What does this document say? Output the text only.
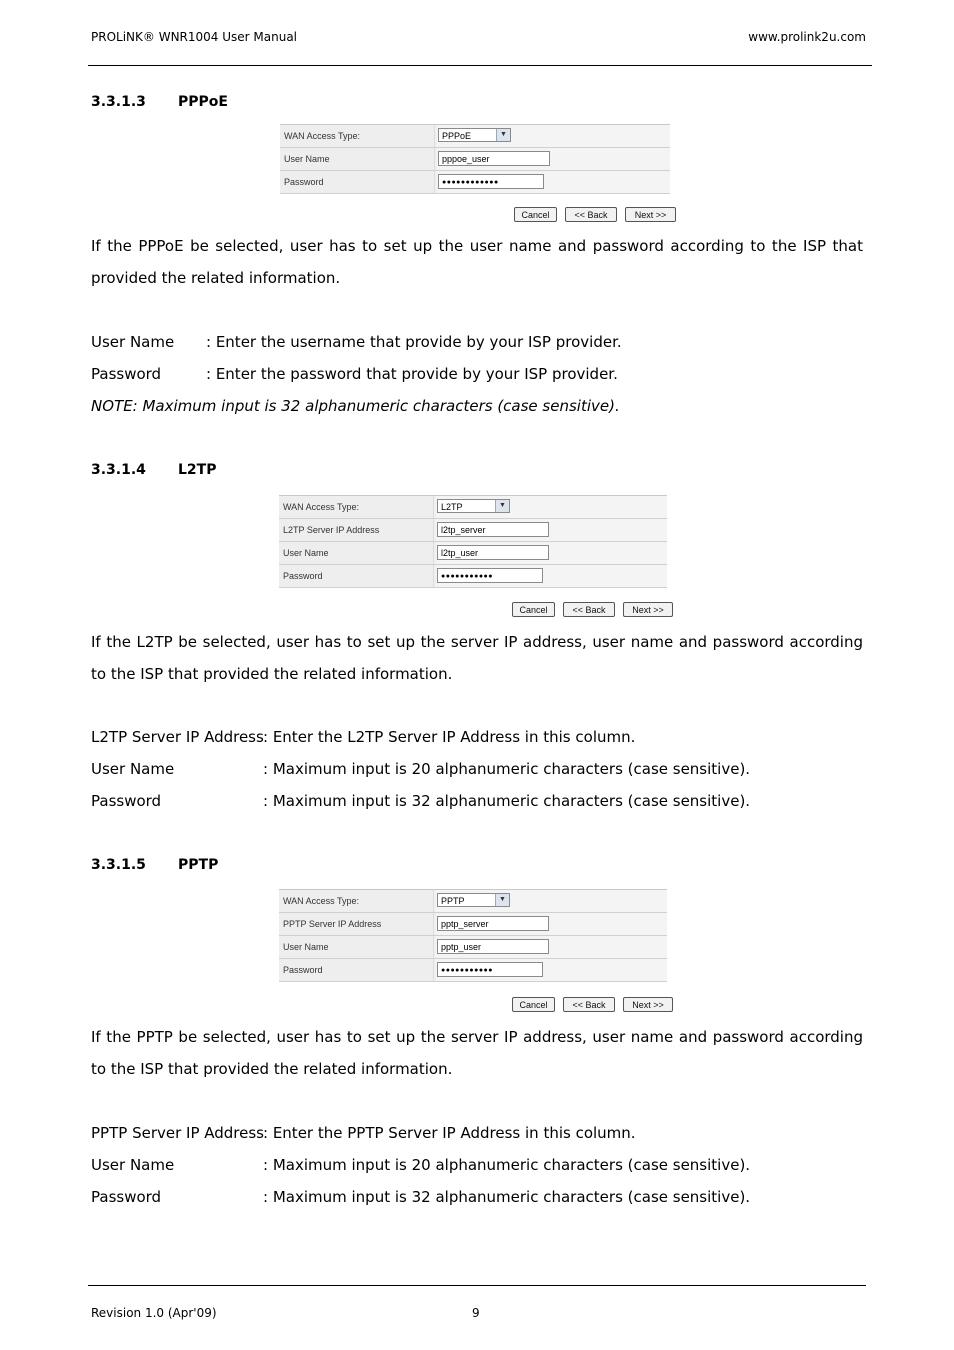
PROLiNK® WNR1004 User Manual	www.prolink2u.com
3.3.1.3 PPPoE
WAN Access Type:	PPPoE	▼
User Name	pppoe_user
Password	●●●●●●●●●●●●
Cancel	<< Back	Next >>
If the PPPoE be selected, user has to set up the user name and password according to the ISP that provided the related information.
User Name : Enter the username that provide by your ISP provider.
Password	: Enter the password that provide by your ISP provider.
NOTE: Maximum input is 32 alphanumeric characters (case sensitive).
3.3.1.4 L2TP
WAN Access Type:	L2TP	▼
L2TP Server IP Address	l2tp_server
User Name	l2tp_user
Password	●●●●●●●●●●●
Cancel	<< Back	Next >>
If the L2TP be selected, user has to set up the server IP address, user name and password according to the ISP that provided the related information.
L2TP Server IP Address : Enter the L2TP Server IP Address in this column.
User Name	: Maximum input is 20 alphanumeric characters (case sensitive).
Password	: Maximum input is 32 alphanumeric characters (case sensitive).
3.3.1.5 PPTP
WAN Access Type:	PPTP	▼
PPTP Server IP Address	pptp_server
User Name	pptp_user
Password	●●●●●●●●●●●
Cancel	<< Back	Next >>
If the PPTP be selected, user has to set up the server IP address, user name and password according to the ISP that provided the related information.
PPTP Server IP Address : Enter the PPTP Server IP Address in this column.
User Name	: Maximum input is 20 alphanumeric characters (case sensitive).
Password	: Maximum input is 32 alphanumeric characters (case sensitive).
Revision 1.0 (Apr'09)	9
